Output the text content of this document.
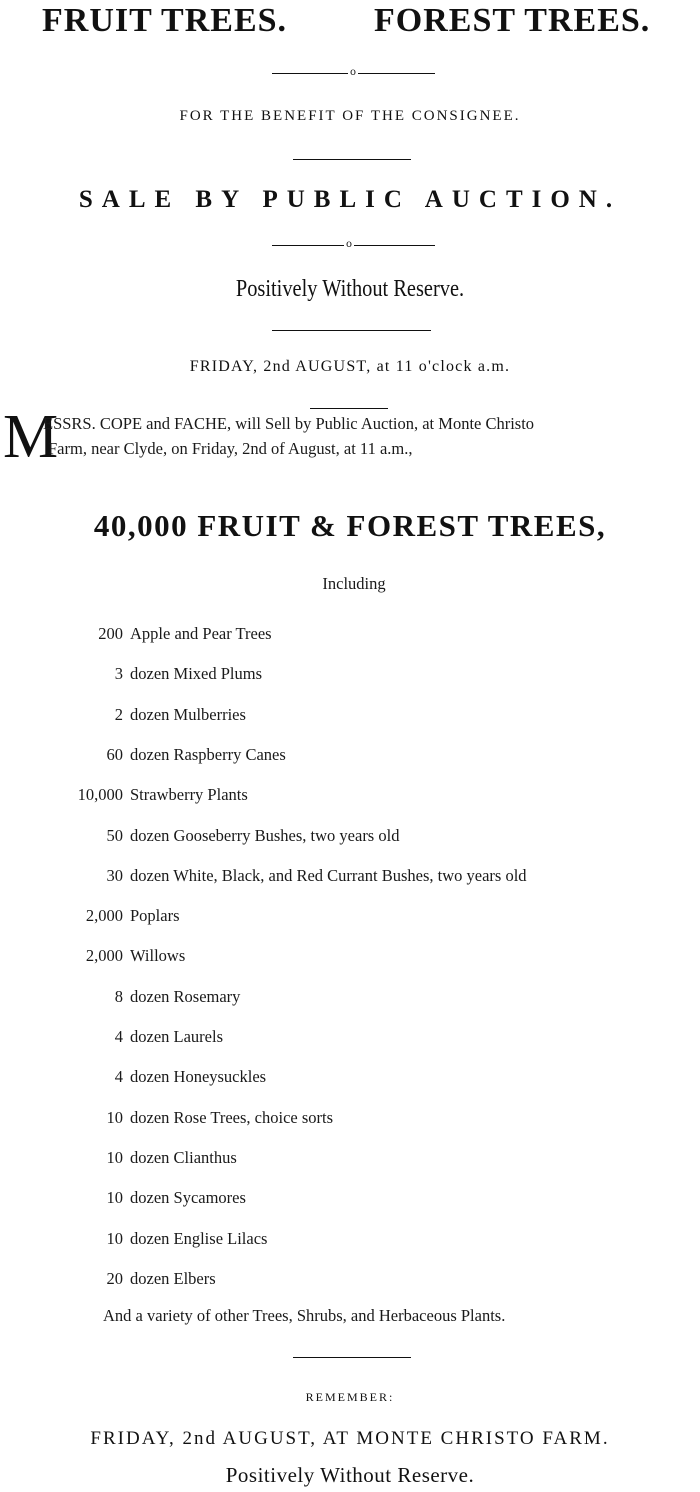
FRUIT TREES.	FOREST TREES.
o
FOR THE BENEFIT OF THE CONSIGNEE.
SALE BY PUBLIC AUCTION.
o
Positively Without Reserve.
FRIDAY, 2nd AUGUST, at 11 o'clock a.m.
M
ESSRS. COPE and FACHE, will Sell by Public Auction, at Monte Christo
Farm, near Clyde, on Friday, 2nd of August, at 11 a.m.,
40,000 FRUIT & FOREST TREES,
Including
200 Apple and Pear Trees
3 dozen Mixed Plums
2 dozen Mulberries
60 dozen Raspberry Canes
10,000 Strawberry Plants
50 dozen Gooseberry Bushes, two years old
30 dozen White, Black, and Red Currant Bushes, two years old
2,000 Poplars
2,000 Willows
8 dozen Rosemary
4 dozen Laurels
4 dozen Honeysuckles
10 dozen Rose Trees, choice sorts
10 dozen Clianthus
10 dozen Sycamores
10 dozen Englise Lilacs
20 dozen Elbers
And a variety of other Trees, Shrubs, and Herbaceous Plants.
REMEMBER:
FRIDAY, 2nd AUGUST, AT MONTE CHRISTO FARM.
Positively Without Reserve.
